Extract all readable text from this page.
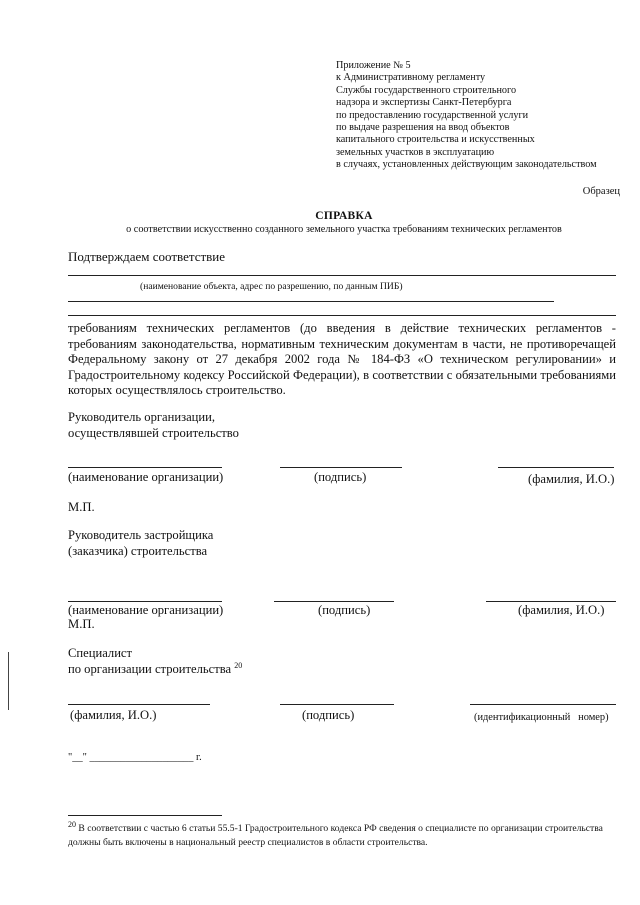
Приложение № 5
к Административному регламенту
Службы государственного строительного
надзора и экспертизы Санкт-Петербурга
по предоставлению государственной услуги
по выдаче разрешения на ввод объектов
капитального строительства и искусственных
земельных участков в эксплуатацию
в случаях, установленных действующим законодательством
Образец
СПРАВКА
о соответствии искусственно созданного земельного участка требованиям технических регламентов
Подтверждаем соответствие
(наименование объекта, адрес по разрешению, по данным ПИБ)

требованиям технических регламентов (до введения в действие технических регламентов - требованиям законодательства, нормативным техническим документам в части, не противоречащей Федеральному закону от 27 декабря 2002 года № 184-ФЗ «О техническом регулировании» и Градостроительному кодексу Российской Федерации), в соответствии с обязательными требованиями которых осуществлялось строительство.

Руководитель организации,
осуществлявшей строительство
(наименование организации)	(подпись)	(фамилия, И.О.)
М.П.
Руководитель застройщика
(заказчика) строительства
(наименование организации)	(подпись)	(фамилия, И.О.)
М.П.
Специалист
по организации строительства $^{20}$
(фамилия, И.О.)	(подпись)	(идентификационный   номер)
"__" ____________________ г.

$^{20}$ В соответствии с частью 6 статьи 55.5-1 Градостроительного кодекса РФ сведения о специалисте по организации строительства должны быть включены в национальный реестр специалистов в области строительства.
